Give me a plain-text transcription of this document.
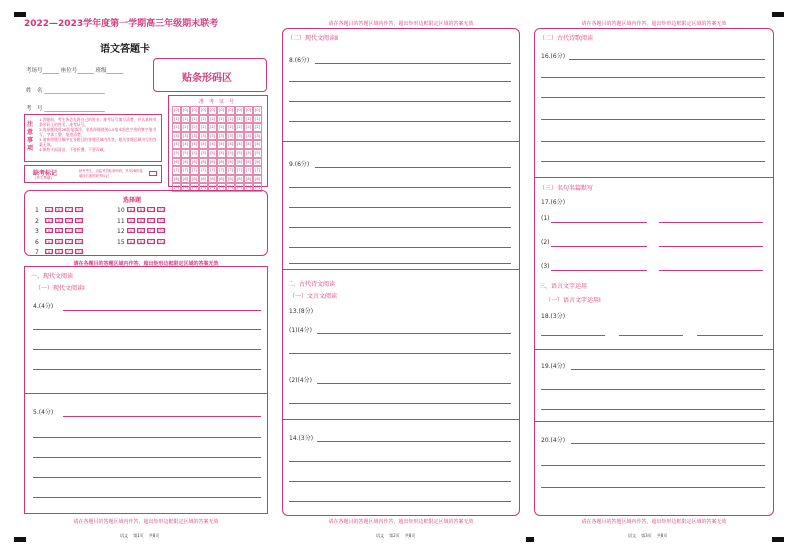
2022—2023学年度第一学期高三年级期末联考
语文答题卡
考场号______ 座位号______ 班级______
姓　名 ______________________
考　号 ______________________
贴条形码区
准　考　证　号
[0]	[0]	[0]	[0]	[0]	[0]	[0]	[0]	[0]	[0]
[1]	[1]	[1]	[1]	[1]	[1]	[1]	[1]	[1]	[1]
[2]	[2]	[2]	[2]	[2]	[2]	[2]	[2]	[2]	[2]
[3]	[3]	[3]	[3]	[3]	[3]	[3]	[3]	[3]	[3]
[4]	[4]	[4]	[4]	[4]	[4]	[4]	[4]	[4]	[4]
[5]	[5]	[5]	[5]	[5]	[5]	[5]	[5]	[5]	[5]
[6]	[6]	[6]	[6]	[6]	[6]	[6]	[6]	[6]	[6]
[7]	[7]	[7]	[7]	[7]	[7]	[7]	[7]	[7]	[7]
[8]	[8]	[8]	[8]	[8]	[8]	[8]	[8]	[8]	[8]
[9]	[9]	[9]	[9]	[9]	[9]	[9]	[9]	[9]	[9]
注意事项
1.答题前，考生务必先将自己的姓名、准考证号填写清楚，并认真核对条形码上的姓名、准考证号。
2.选择题使用2B铅笔填涂，非选择题使用0.5毫米黑色字迹的签字笔书写，字体工整、笔迹清楚。
3.请按照题号顺序在各题目的答题区域内作答，超出答题区域书写的答案无效。
4.保持卡面清洁，不要折叠，不要弄破。
缺考标记
(考生禁填)
缺考考生，由监考员贴条形码，并用2B铅笔填涂右面的缺考标记
选择题
1 [A] [B] [C] [D]
2 [A] [B] [C] [D]
3 [A] [B] [C] [D]
6 [A] [B] [C] [D]
7 [A] [B] [C] [D]
10 [A] [B] [C] [D]
11 [A] [B] [C] [D]
12 [A] [B] [C] [D]
15 [A] [B] [C] [D]
请在各题目的答题区域内作答，超出矩形边框限定区域的答案无效
一、现代文阅读
（一）现代文阅读Ⅰ
4.(4分)
5.(4分)
请在各题目的答题区域内作答，超出矩形边框限定区域的答案无效
请在各题目的答题区域内作答，超出矩形边框限定区域的答案无效
（二）现代文阅读Ⅱ
8.(6分)
9.(6分)
二、古代诗文阅读
（一）文言文阅读
13.(8分)
(1)(4分)
(2)(4分)
14.(3分)
请在各题目的答题区域内作答，超出矩形边框限定区域的答案无效
请在各题目的答题区域内作答，超出矩形边框限定区域的答案无效
（二）古代诗歌阅读
16.(6分)
（三）名句名篇默写
17.(6分)
(1)
(2)
(3)
三、语言文字运用
（一）语言文字运用Ⅰ
18.(3分)
19.(4分)
20.(4分)
请在各题目的答题区域内作答，超出矩形边框限定区域的答案无效
语文 第1页 共8页	语文 第2页 共8页	语文 第3页 共8页
